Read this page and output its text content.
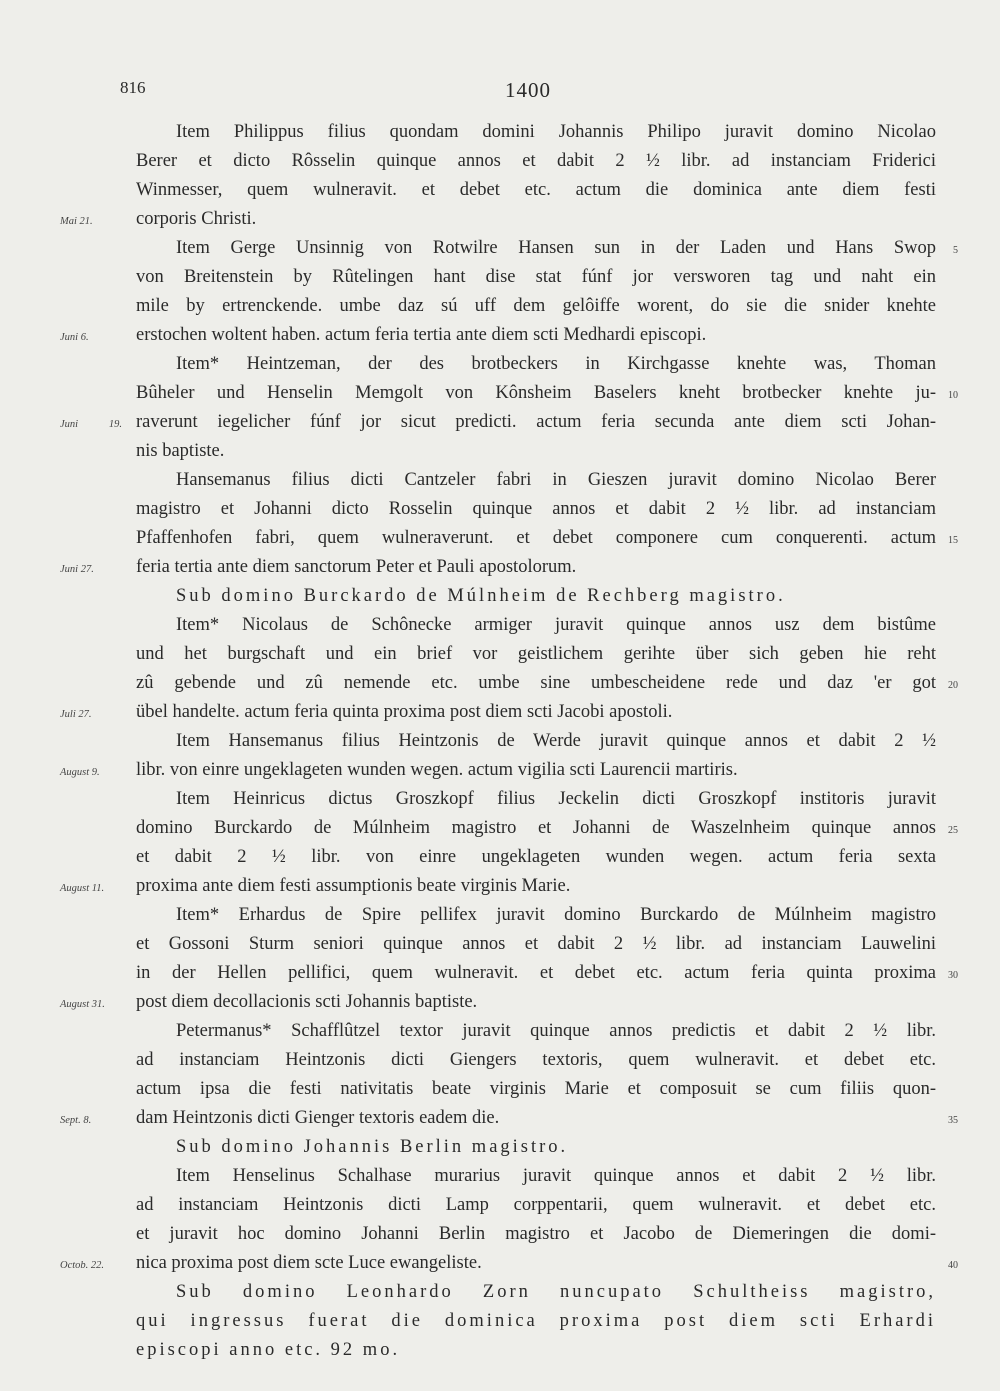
816	1400
Item Philippus filius quondam domini Johannis Philipo juravit domino Nicolao
Berer et dicto Rôsselin quinque annos et dabit 2 ½ libr. ad instanciam Friderici
Winmesser, quem wulneravit. et debet etc. actum die dominica ante diem festi
corporis Christi.
Mai 21.
Item Gerge Unsinnig von Rotwilre Hansen sun in der Laden und Hans Swop 5
von Breitenstein by Rûtelingen hant dise stat fúnf jor versworen tag und naht ein
mile by ertrenckende. umbe daz sú uff dem gelôiffe worent, do sie die snider knehte
erstochen woltent haben. actum feria tertia ante diem scti Medhardi episcopi.
Juni 6.
Item* Heintzeman, der des brotbeckers in Kirchgasse knehte was, Thoman
Bûheler und Henselin Memgolt von Kônsheim Baselers kneht brotbecker knehte ju- 10
raverunt iegelicher fúnf jor sicut predicti. actum feria secunda ante diem scti Johan-
Juni 19.
nis baptiste.
Hansemanus filius dicti Cantzeler fabri in Gieszen juravit domino Nicolao Berer
magistro et Johanni dicto Rosselin quinque annos et dabit 2 ½ libr. ad instanciam
Pfaffenhofen fabri, quem wulneraverunt. et debet componere cum conquerenti. actum 15
feria tertia ante diem sanctorum Peter et Pauli apostolorum.
Juni 27.
Sub domino Burckardo de Múlnheim de Rechberg magistro.
Item* Nicolaus de Schônecke armiger juravit quinque annos usz dem bistûme
und het burgschaft und ein brief vor geistlichem gerihte über sich geben hie reht
zû gebende und zû nemende etc. umbe sine umbescheidene rede und daz 'er got 20
übel handelte. actum feria quinta proxima post diem scti Jacobi apostoli.
Juli 27.
Item Hansemanus filius Heintzonis de Werde juravit quinque annos et dabit 2 ½
libr. von einre ungeklageten wunden wegen. actum vigilia scti Laurencii martiris.
August 9.
Item Heinricus dictus Groszkopf filius Jeckelin dicti Groszkopf institoris juravit
domino Burckardo de Múlnheim magistro et Johanni de Waszelnheim quinque annos 25
et dabit 2 ½ libr. von einre ungeklageten wunden wegen. actum feria sexta
proxima ante diem festi assumptionis beate virginis Marie.
August 11.
Item* Erhardus de Spire pellifex juravit domino Burckardo de Múlnheim magistro
et Gossoni Sturm seniori quinque annos et dabit 2 ½ libr. ad instanciam Lauwelini
in der Hellen pellifici, quem wulneravit. et debet etc. actum feria quinta proxima 30
post diem decollacionis scti Johannis baptiste.
August 31.
Petermanus* Schafflûtzel textor juravit quinque annos predictis et dabit 2 ½ libr.
ad instanciam Heintzonis dicti Giengers textoris, quem wulneravit. et debet etc.
actum ipsa die festi nativitatis beate virginis Marie et composuit se cum filiis quon-
dam Heintzonis dicti Gienger textoris eadem die.
Sept. 8.	35
Sub domino Johannis Berlin magistro.
Item Henselinus Schalhase murarius juravit quinque annos et dabit 2 ½ libr.
ad instanciam Heintzonis dicti Lamp corppentarii, quem wulneravit. et debet etc.
et juravit hoc domino Johanni Berlin magistro et Jacobo de Diemeringen die domi-
nica proxima post diem scte Luce ewangeliste.
Octob. 22.	40
Sub domino Leonhardo Zorn nuncupato Schultheiss magistro,
qui ingressus fuerat die dominica proxima post diem scti Erhardi
episcopi anno etc. 92 mo.
